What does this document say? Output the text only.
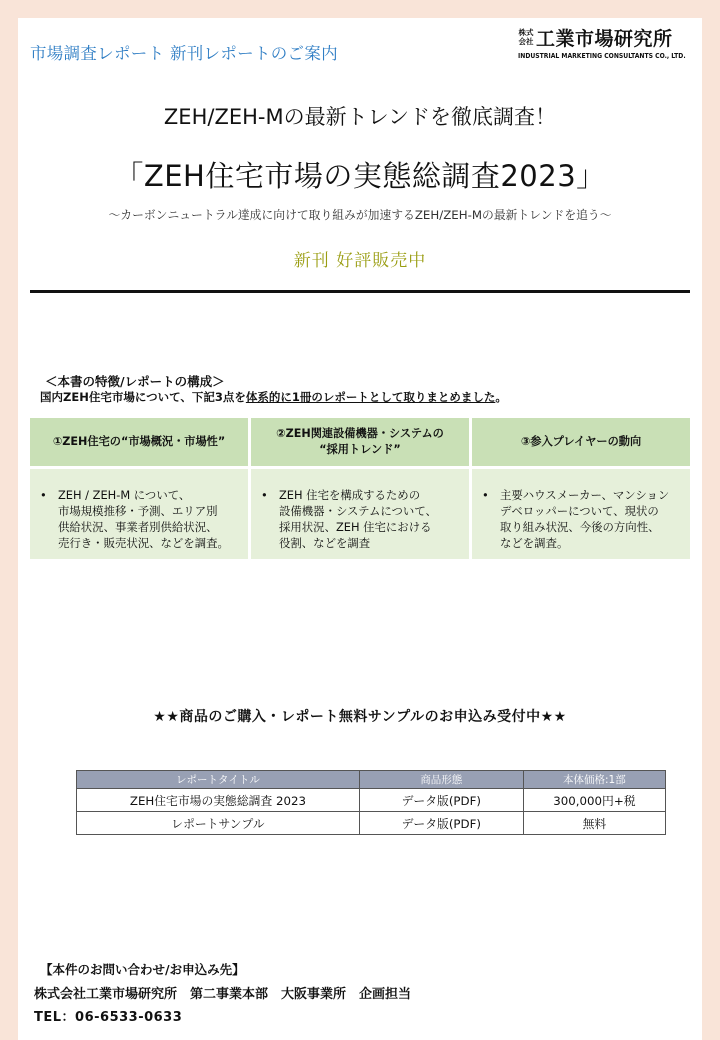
市場調査レポート 新刊レポートのご案内
株式会社 工業市場研究所
INDUSTRIAL MARKETING CONSULTANTS CO., LTD.
ZEH/ZEH-Mの最新トレンドを徹底調査！
「ZEH住宅市場の実態総調査2023」
～カーボンニュートラル達成に向けて取り組みが加速するZEH/ZEH-Mの最新トレンドを追う～
新刊 好評販売中
＜本書の特徴/レポートの構成＞
国内ZEH住宅市場について、下記3点を体系的に1冊のレポートとして取りまとめました。
①ZEH住宅の“市場概況・市場性”
②ZEH関連設備機器・システムの
“採用トレンド”
③参入プレイヤーの動向
• ZEH / ZEH-M について、
市場規模推移・予測、エリア別
供給状況、事業者別供給状況、
売行き・販売状況、などを調査。
• ZEH 住宅を構成するための
設備機器・システムについて、
採用状況、ZEH 住宅における
役割、などを調査
• 主要ハウスメーカー、マンション
デベロッパーについて、現状の
取り組み状況、今後の方向性、
などを調査。
★★商品のご購入・レポート無料サンプルのお申込み受付中★★
レポートタイトル	商品形態	本体価格:1部
ZEH住宅市場の実態総調査 2023	データ版(PDF)	300,000円+税
レポートサンプル	データ版(PDF)	無料
【本件のお問い合わせ/お申込み先】
株式会社工業市場研究所　第二事業本部　大阪事業所　企画担当
TEL：06-6533-0633
